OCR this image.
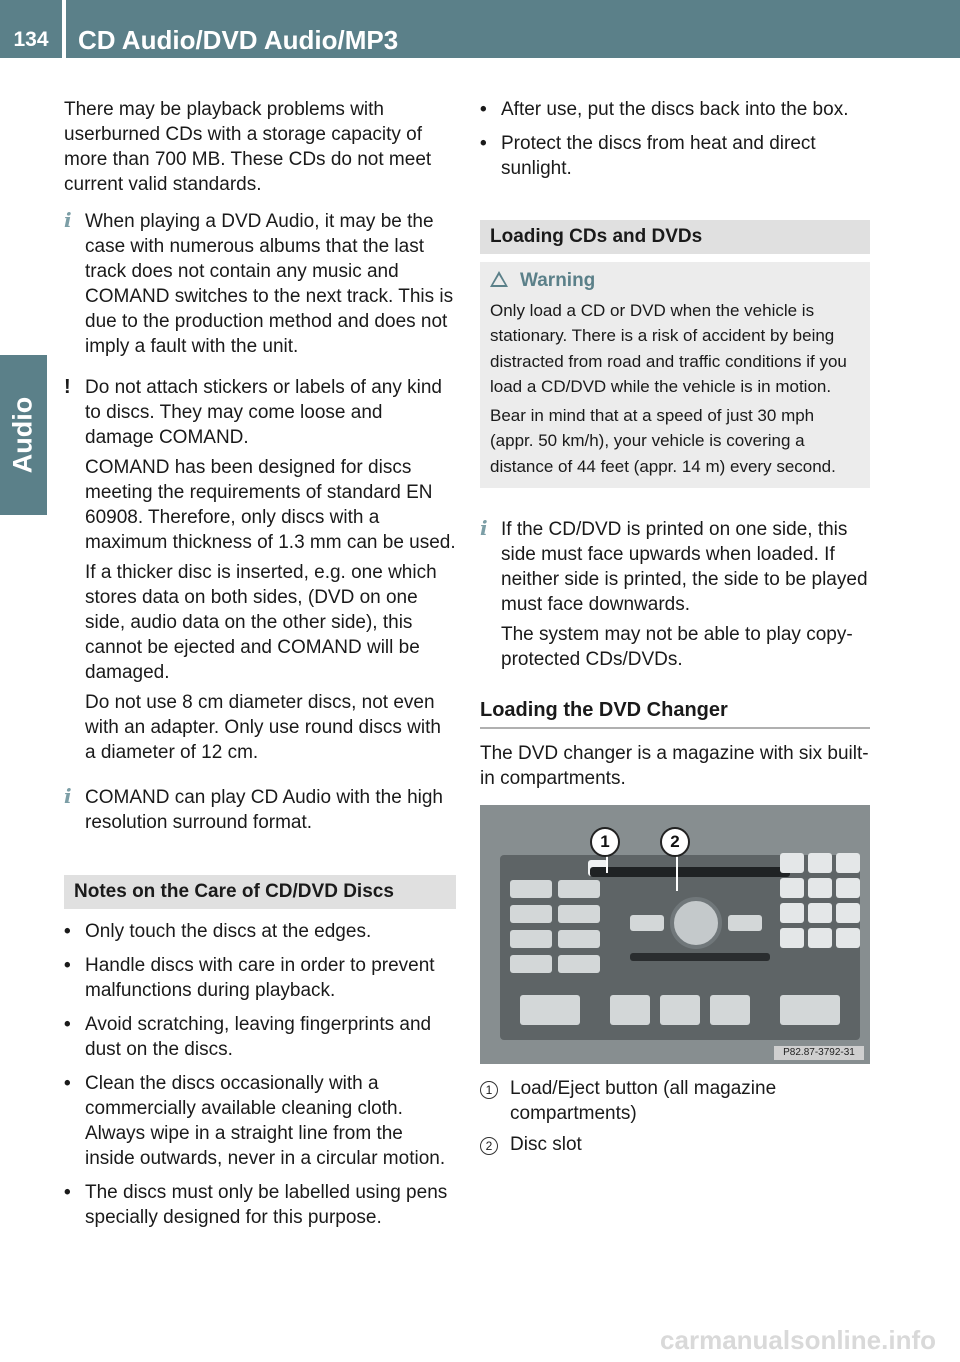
134	CD Audio/DVD Audio/MP3
Audio

There may be playback problems with userburned CDs with a storage capacity of more than 700 MB. These CDs do not meet current valid standards.

i When playing a DVD Audio, it may be the case with numerous albums that the last track does not contain any music and COMAND switches to the next track. This is due to the production method and does not imply a fault with the unit.

! Do not attach stickers or labels of any kind to discs. They may come loose and damage COMAND.
COMAND has been designed for discs meeting the requirements of standard EN 60908. Therefore, only discs with a maximum thickness of 1.3 mm can be used.
If a thicker disc is inserted, e.g. one which stores data on both sides, (DVD on one side, audio data on the other side), this cannot be ejected and COMAND will be damaged.
Do not use 8 cm diameter discs, not even with an adapter. Only use round discs with a diameter of 12 cm.

i COMAND can play CD Audio with the high resolution surround format.

Notes on the Care of CD/DVD Discs

• Only touch the discs at the edges.

• Handle discs with care in order to prevent malfunctions during playback.

• Avoid scratching, leaving fingerprints and dust on the discs.

• Clean the discs occasionally with a commercially available cleaning cloth. Always wipe in a straight line from the inside outwards, never in a circular motion.

• The discs must only be labelled using pens specially designed for this purpose.

• After use, put the discs back into the box.

• Protect the discs from heat and direct sunlight.

Loading CDs and DVDs
Warning

Only load a CD or DVD when the vehicle is stationary. There is a risk of accident by being distracted from road and traffic conditions if you load a CD/DVD while the vehicle is in motion.

Bear in mind that at a speed of just 30 mph (appr. 50 km/h), your vehicle is covering a distance of 44 feet (appr. 14 m) every second.

i If the CD/DVD is printed on one side, this side must face upwards when loaded. If neither side is printed, the side to be played must face downwards.
The system may not be able to play copy-protected CDs/DVDs.
Loading the DVD Changer

The DVD changer is a magazine with six built-in compartments.

1	2
P82.87-3792-31
1 Load/Eject button (all magazine compartments)
2 Disc slot
carmanualsonline.info
